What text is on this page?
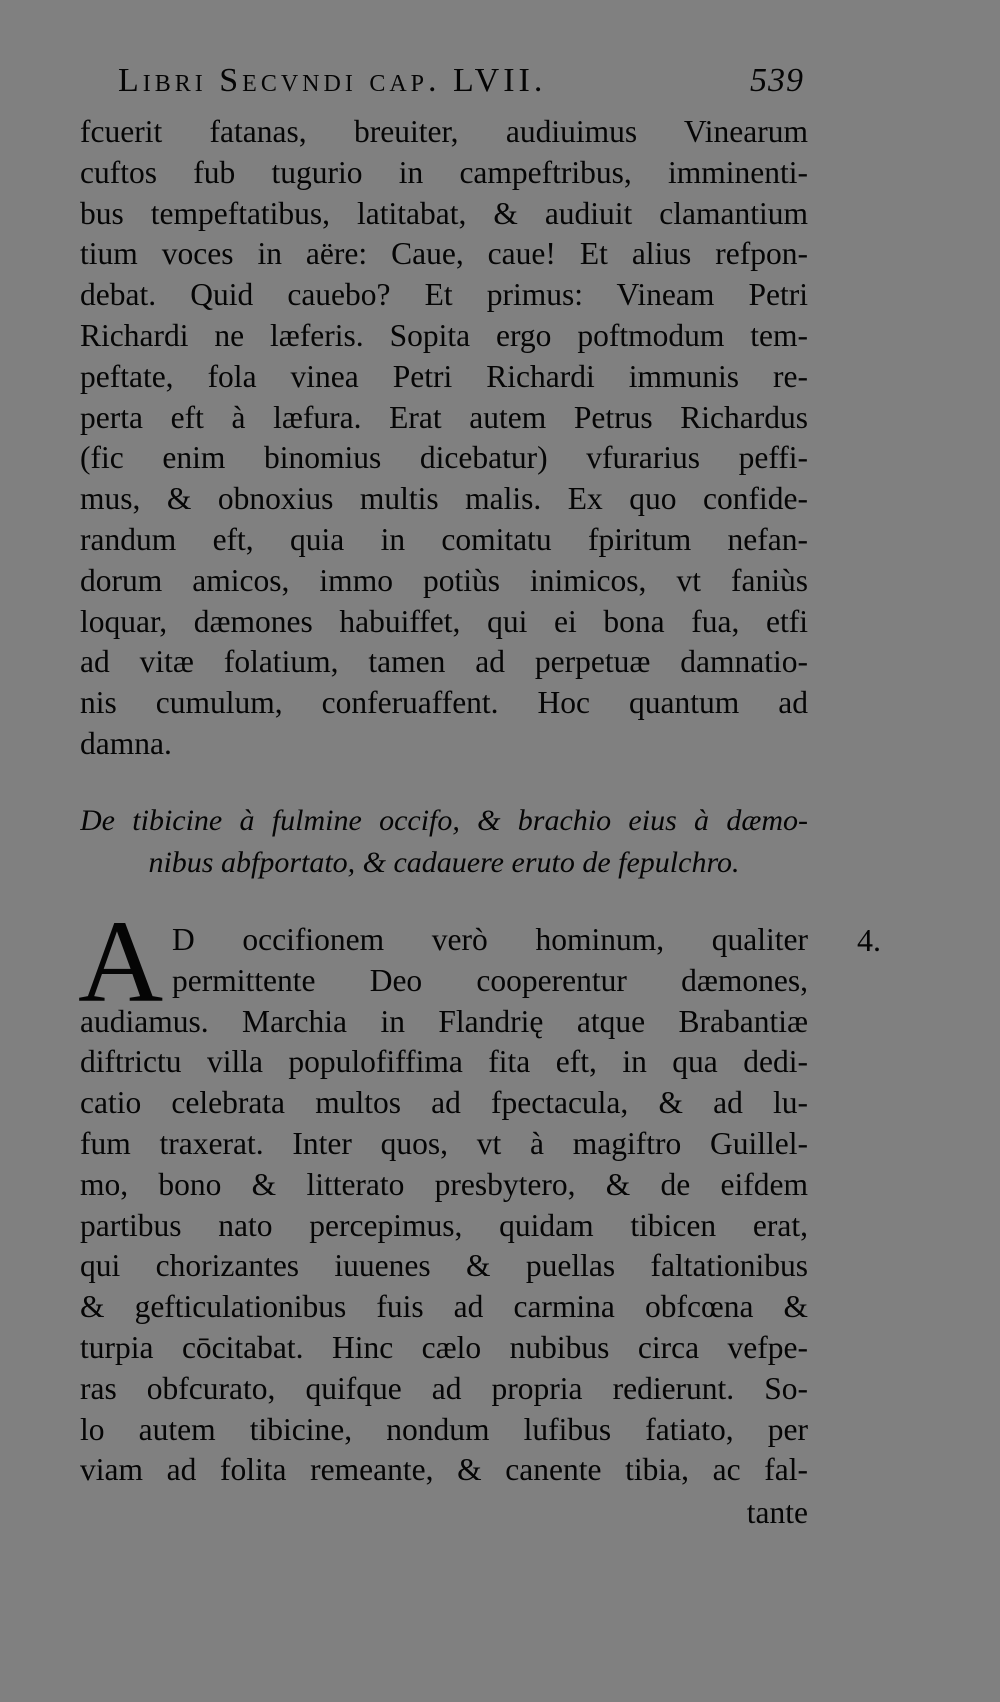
Libri Secvndi cap. LVII.	539
fcuerit fatanas, breuiter, audiuimus Vinearum
cuftos fub tugurio in campeftribus, imminenti-
bus tempeftatibus, latitabat, & audiuit clamantium
tium voces in aëre: Caue, caue! Et alius refpon-
debat. Quid cauebo? Et primus: Vineam Petri
Richardi ne læferis. Sopita ergo poftmodum tem-
peftate, fola vinea Petri Richardi immunis re-
perta eft à læfura. Erat autem Petrus Richardus
(fic enim binomius dicebatur) vfurarius peffi-
mus, & obnoxius multis malis. Ex quo confide-
randum eft, quia in comitatu fpiritum nefan-
dorum amicos, immo potiùs inimicos, vt faniùs
loquar, dæmones habuiffet, qui ei bona fua, etfi
ad vitæ folatium, tamen ad perpetuæ damnatio-
nis cumulum, conferuaffent. Hoc quantum ad
damna.
De tibicine à fulmine occifo, & brachio eius à dæmo-
nibus abfportato, & cadauere eruto de fepulchro.
A	4.
D occifionem verò hominum, qualiter
permittente Deo cooperentur dæmones,
audiamus. Marchia in Flandrię atque Brabantiæ
diftrictu villa populofiffima fita eft, in qua dedi-
catio celebrata multos ad fpectacula, & ad lu-
fum traxerat. Inter quos, vt à magiftro Guillel-
mo, bono & litterato presbytero, & de eifdem
partibus nato percepimus, quidam tibicen erat,
qui chorizantes iuuenes & puellas faltationibus
& gefticulationibus fuis ad carmina obfcœna &
turpia cōcitabat. Hinc cælo nubibus circa vefpe-
ras obfcurato, quifque ad propria redierunt. So-
lo autem tibicine, nondum lufibus fatiato, per
viam ad folita remeante, & canente tibia, ac fal-
tante
